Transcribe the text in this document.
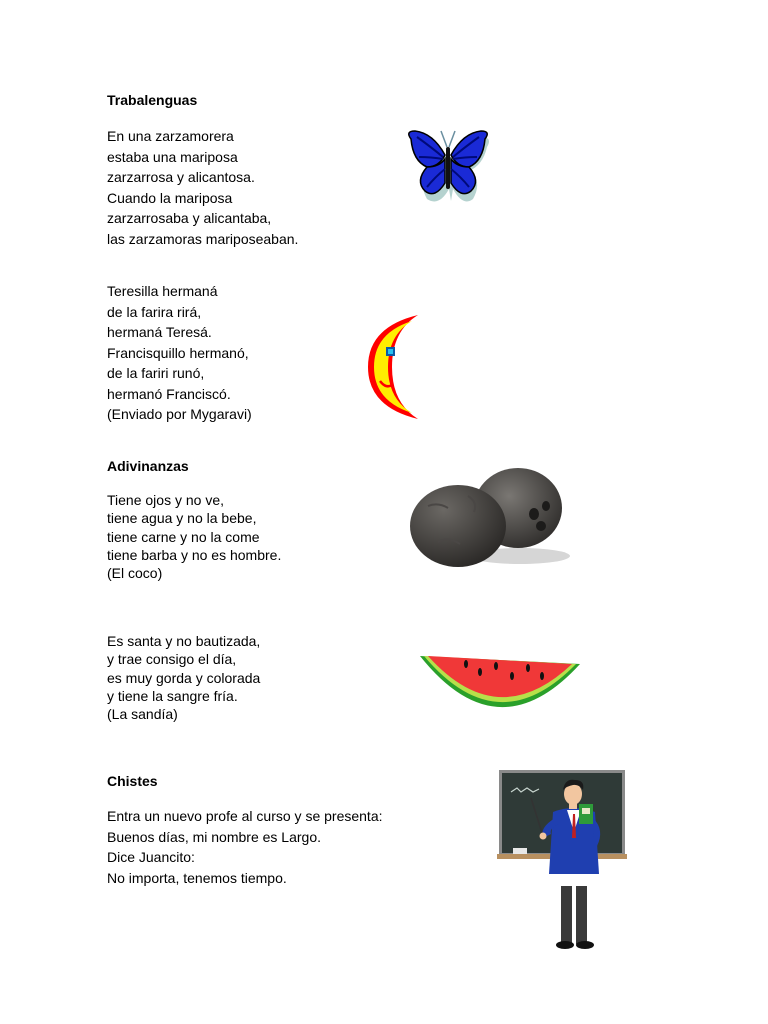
Trabalenguas
En una zarzamorera
estaba una mariposa
zarzarrosa y alicantosa.
Cuando la mariposa
zarzarrosaba y alicantaba,
las zarzamoras mariposeaban.
Teresilla hermaná
de la farira rirá,
hermaná Teresá.
Francisquillo hermanó,
de la fariri runó,
hermanó Franciscó.
(Enviado por Mygaravi)
Adivinanzas
Tiene ojos y no ve,
tiene agua y no la bebe,
tiene carne y no la come
tiene barba y no es hombre.
(El coco)
Es santa y no bautizada,
y trae consigo el día,
es muy gorda y colorada
y tiene la sangre fría.
(La sandía)
Chistes
Entra un nuevo profe al curso y se presenta:
Buenos días, mi nombre es Largo.
Dice Juancito:
No importa, tenemos tiempo.
